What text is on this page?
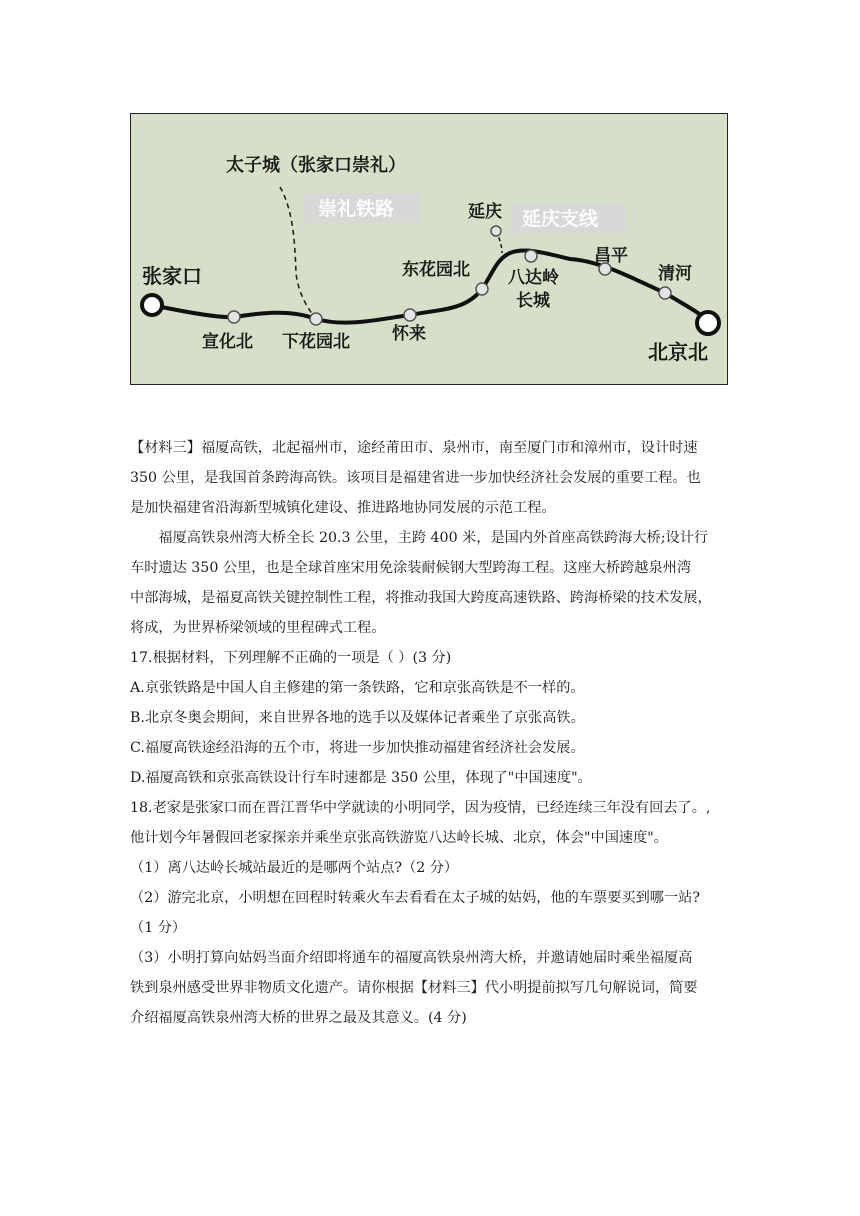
崇礼铁路	延庆支线
太子城（张家口崇礼）
张家口
宣化北 下花园北 怀来
东花园北 八达岭
长城
昌平
清河
延庆
北京北

【材料三】福厦高铁，北起福州市，途经莆田市、泉州市，南至厦门市和漳州市，设计时速

350 公里，是我国首条跨海高铁。该项目是福建省进一步加快经济社会发展的重要工程。也

是加快福建省沿海新型城镇化建设、推进路地协同发展的示范工程。

福厦高铁泉州湾大桥全长 20.3 公里，主跨 400 米，是国内外首座高铁跨海大桥;设计行

车时遗达 350 公里，也是全球首座宋用免涂装耐候钢大型跨海工程。这座大桥跨越泉州湾

中部海城，是福夏高铁关键控制性工程，将推动我国大跨度高速铁路、跨海桥梁的技术发展，

将成，为世界桥梁领域的里程碑式工程。

17.根据材料，下列理解不正确的一项是（ ）(3 分)

A.京张铁路是中国人自主修建的第一条铁路，它和京张高铁是不一样的。

B.北京冬奥会期间，来自世界各地的选手以及媒体记者乘坐了京张高铁。

C.福厦高铁途经沿海的五个市，将进一步加快推动福建省经济社会发展。

D.福厦高铁和京张高铁设计行车时速都是 350 公里，体现了"中国速度"。

18.老家是张家口而在晋江晋华中学就读的小明同学，因为疫情，已经连续三年没有回去了。,

他计划今年暑假回老家探亲并乘坐京张高铁游览八达岭长城、北京，体会"中国速度"。

（1）离八达岭长城站最近的是哪两个站点?（2 分）

（2）游完北京，小明想在回程时转乘火车去看看在太子城的姑妈，他的车票要买到哪一站?

（1 分）

（3）小明打算向姑妈当面介绍即将通车的福厦高铁泉州湾大桥，并邀请她届时乘坐福厦高

铁到泉州感受世界非物质文化遗产。请你根据【材料三】代小明提前拟写几句解说词，简要

介绍福厦高铁泉州湾大桥的世界之最及其意义。(4 分)
